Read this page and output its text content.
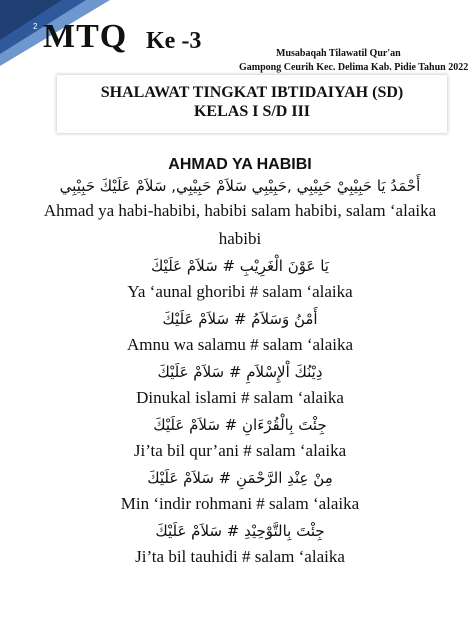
2 MTQ Ke -3	Musabaqah Tilawatil Qur'an
Gampong Ceurih Kec. Delima Kab. Pidie Tahun 2022
SHALAWAT TINGKAT IBTIDAIYAH (SD)
KELAS I S/D III

AHMAD YA HABIBI

أَحْمَدُ يَا حَبِيْبِيْ حَبِيْبِي ,حَبِيْبِي سَلاَمْ حَبِيْبِي, سَلاَمْ عَلَيْكَ حَبِيْبِي

Ahmad ya habi-habibi, habibi salam habibi, salam ‘alaika habibi

يَا عَوْنَ الْغَرِيْبِ # سَلاَمْ عَلَيْكَ

Ya ‘aunal ghoribi # salam ‘alaika

أَمْنُ وَسَلاَمُ # سَلاَمْ عَلَيْكَ

Amnu wa salamu # salam ‘alaika

دِيْنُكَ اْلإِسْلاَمِ # سَلاَمْ عَلَيْكَ

Dinukal islami # salam ‘alaika

جِئْتَ بِالْقُرْءَانِ # سَلاَمْ عَلَيْكَ

Ji’ta bil qur’ani # salam ‘alaika

مِنْ عِنْدِ الرَّحْمَنِ # سَلاَمْ عَلَيْكَ

Min ‘indir rohmani # salam ‘alaika

جِئْتَ بِالتَّوْحِيْدِ # سَلاَمْ عَلَيْكَ

Ji’ta bil tauhidi # salam ‘alaika
